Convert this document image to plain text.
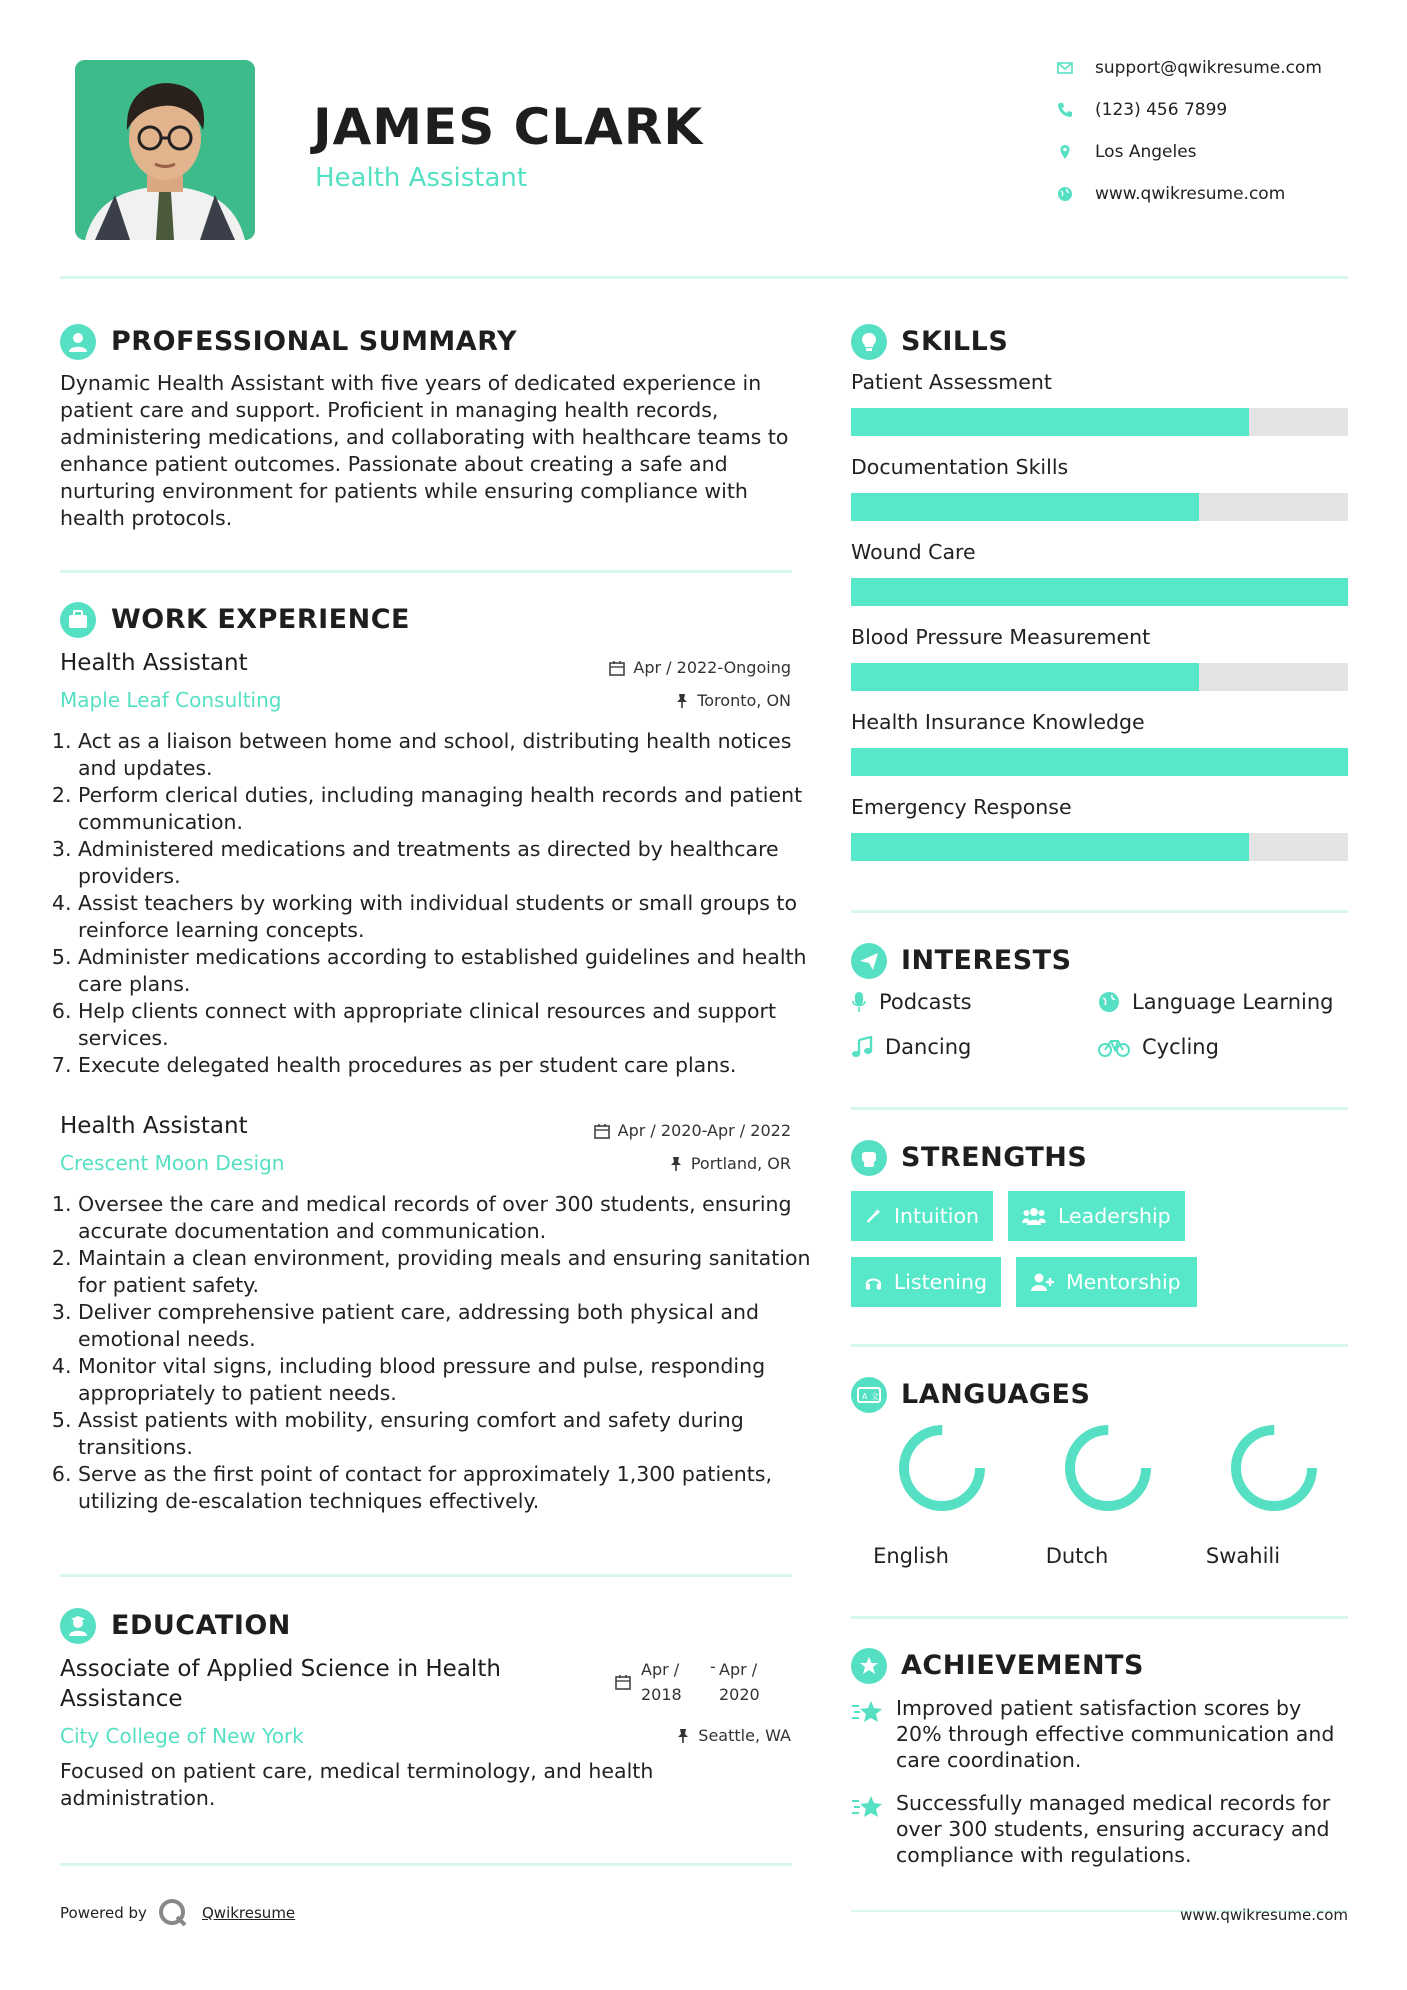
JAMES CLARK
Health Assistant
support@qwikresume.com
(123) 456 7899
Los Angeles
www.qwikresume.com
PROFESSIONAL SUMMARY
Dynamic Health Assistant with five years of dedicated experience in patient care and support. Proficient in managing health records, administering medications, and collaborating with healthcare teams to enhance patient outcomes. Passionate about creating a safe and nurturing environment for patients while ensuring compliance with health protocols.
WORK EXPERIENCE
Health Assistant	Apr / 2022-Ongoing
Maple Leaf Consulting	Toronto, ON
1. Act as a liaison between home and school, distributing health notices and updates.
2. Perform clerical duties, including managing health records and patient communication.
3. Administered medications and treatments as directed by healthcare providers.
4. Assist teachers by working with individual students or small groups to reinforce learning concepts.
5. Administer medications according to established guidelines and health care plans.
6. Help clients connect with appropriate clinical resources and support services.
7. Execute delegated health procedures as per student care plans.
Health Assistant	Apr / 2020-Apr / 2022
Crescent Moon Design	Portland, OR
1. Oversee the care and medical records of over 300 students, ensuring accurate documentation and communication.
2. Maintain a clean environment, providing meals and ensuring sanitation for patient safety.
3. Deliver comprehensive patient care, addressing both physical and emotional needs.
4. Monitor vital signs, including blood pressure and pulse, responding appropriately to patient needs.
5. Assist patients with mobility, ensuring comfort and safety during transitions.
6. Serve as the first point of contact for approximately 1,300 patients, utilizing de-escalation techniques effectively.
EDUCATION
Associate of Applied Science in Health Assistance
Apr / 2018
- Apr / 2020
City College of New York	Seattle, WA
Focused on patient care, medical terminology, and health administration.
Powered by	Qwikresume
SKILLS
Patient Assessment
Documentation Skills
Wound Care
Blood Pressure Measurement
Health Insurance Knowledge
Emergency Response
INTERESTS
Podcasts	Language Learning
Dancing	Cycling
STRENGTHS
Intuition	Leadership
Listening	Mentorship
A 文 LANGUAGES
English	Dutch	Swahili
ACHIEVEMENTS
Improved patient satisfaction scores by 20% through effective communication and care coordination.
Successfully managed medical records for over 300 students, ensuring accuracy and compliance with regulations.
www.qwikresume.com
